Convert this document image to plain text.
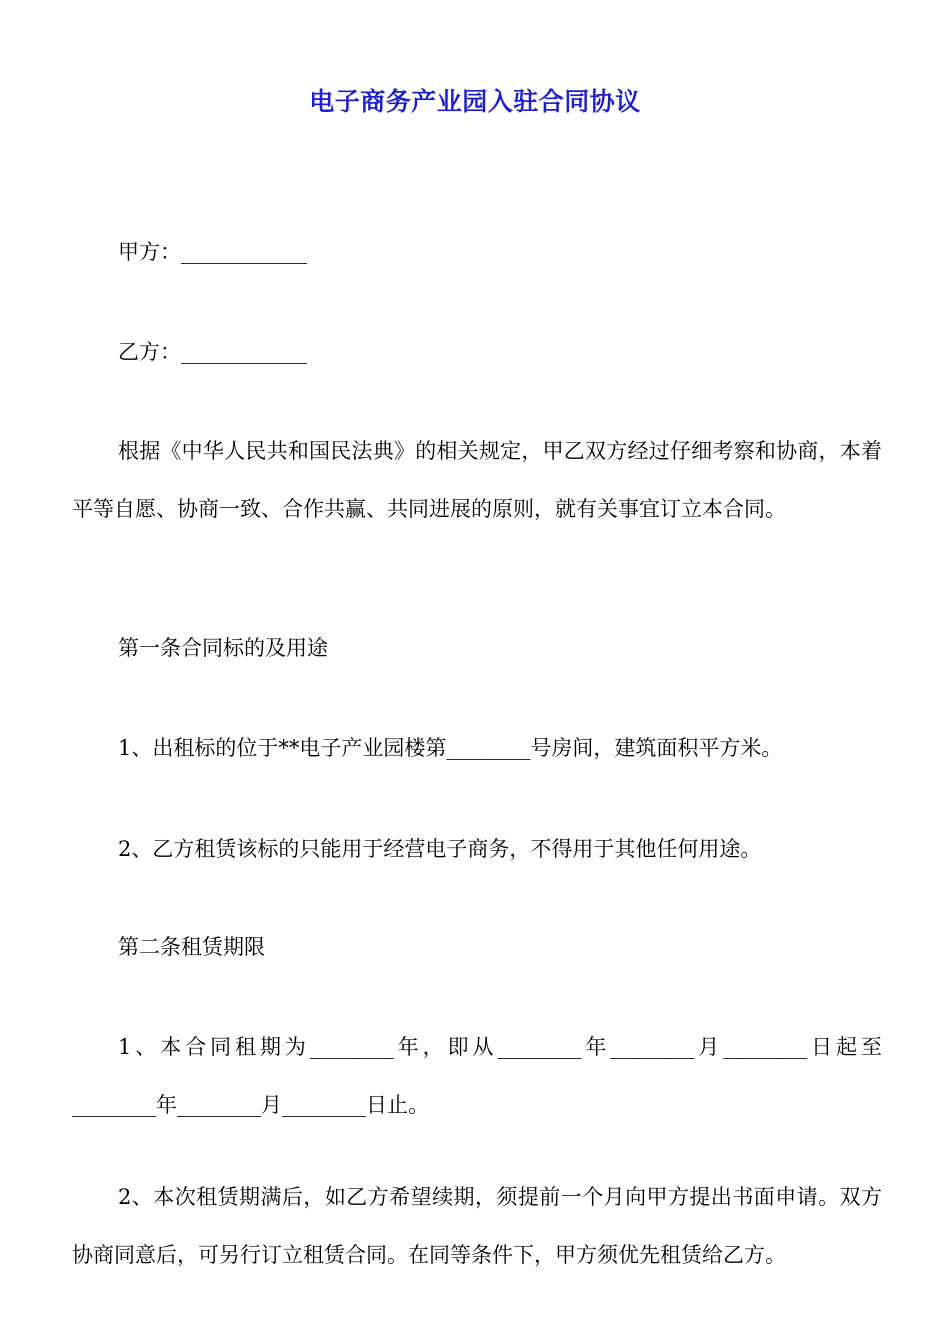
电子商务产业园入驻合同协议
甲方：____________
乙方：____________
根据《中华人民共和国民法典》的相关规定，甲乙双方经过仔细考察和协商，本着平等自愿、协商一致、合作共赢、共同进展的原则，就有关事宜订立本合同。
第一条合同标的及用途
1、出租标的位于**电子产业园楼第________号房间，建筑面积平方米。
2、乙方租赁该标的只能用于经营电子商务，不得用于其他任何用途。
第二条租赁期限
1、本合同租期为________年，即从________年________月________日起至________年________月________日止。
2、本次租赁期满后，如乙方希望续期，须提前一个月向甲方提出书面申请。双方协商同意后，可另行订立租赁合同。在同等条件下，甲方须优先租赁给乙方。
